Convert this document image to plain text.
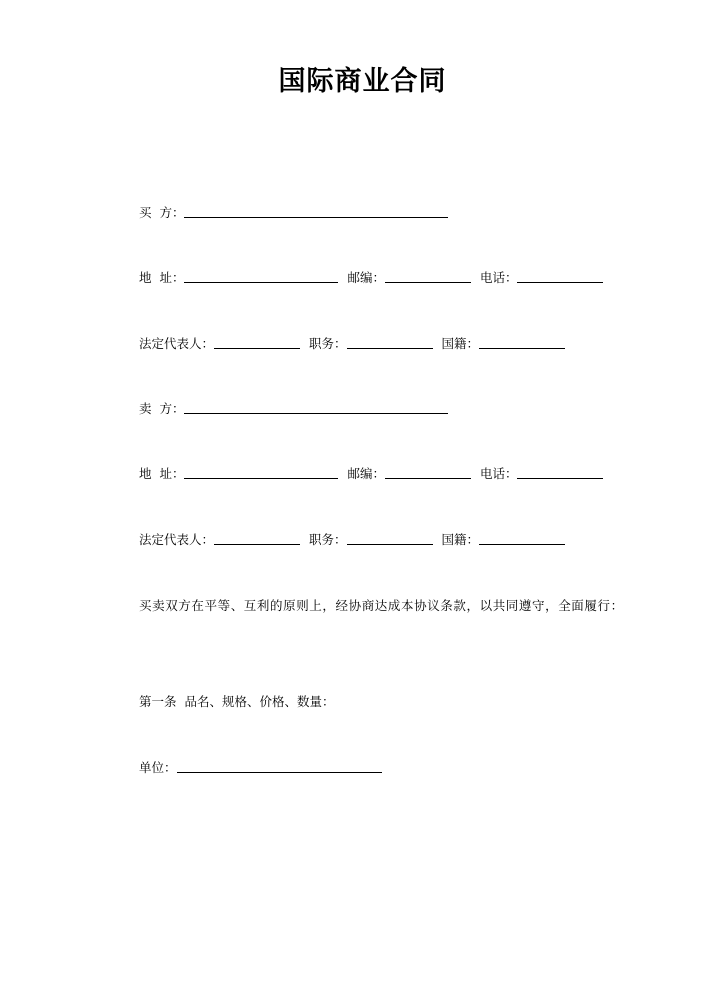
国际商业合同
买  方：
地  址：	邮编：	电话：
法定代表人：	职务：	国籍：
卖  方：
地  址：	邮编：	电话：
法定代表人：	职务：	国籍：
买卖双方在平等、互利的原则上，经协商达成本协议条款，以共同遵守，全面履行：
第一条  品名、规格、价格、数量：
单位：
